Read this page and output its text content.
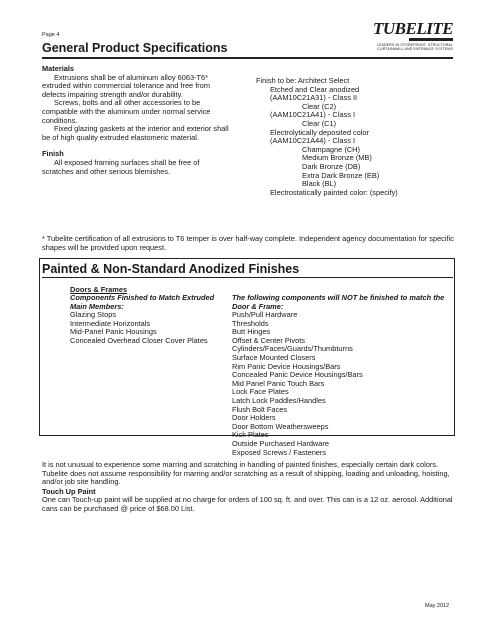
Page 4
General Product Specifications
TUBELITE
LEADERS IN STOREFRONT, STRUCTURAL
CURTAINWALL AND ENTRANCE SYSTEMS

Materials

Extrusions shall be of aluminum alloy 6063-T6* extruded within commercial tolerance and free from defects impairing strength and/or durability.

Screws, bolts and all other accessories to be compatible with the aluminum under normal service conditions.

Fixed glazing gaskets at the interior and exterior shall be of high quality extruded elastomeric material.

Finish

All exposed framing surfaces shall be free of scratches and other serious blemishes.

Finish to be: Architect Select
Etched and Clear anodized
(AAM10C21A31) - Class II
Clear (C2)
(AAM10C21A41) - Class I
Clear (C1)
Electrolytically deposited color
(AAM10C21A44) - Class I
Champagne (CH)
Medium Bronze (MB)
Dark Bronze (DB)
Extra Dark Bronze (EB)
Black (BL)
Electrostatically painted color: (specify)
* Tubelite certification of all extrusions to T6 temper is over half-way complete. Independent agency documentation for specific shapes will be provided upon request.
Painted & Non-Standard Anodized Finishes
Doors & Frames
Components Finished to Match Extruded Main Members:
Glazing Stops
Intermediate Horizontals
Mid-Panel Panic Housings
Concealed Overhead Closer Cover Plates
The following components will NOT be finished to match the Door & Frame:
Push/Pull Hardware
Thresholds
Butt Hinges
Offset & Center Pivots
Cylinders/Faces/Guards/Thumbturns
Surface Mounted Closers
Rim Panic Device Housings/Bars
Concealed Panic Device Housings/Bars
Mid Panel Panic Touch Bars
Lock Face Plates
Latch Lock Paddles/Handles
Flush Bolt Faces
Door Holders
Door Bottom Weathersweeps
Kick Plates
Outside Purchased Hardware
Exposed Screws / Fasteners
It is not unusual to experience some marring and scratching in handling of painted finishes, especially certain dark colors. Tubelite does not assume responsibility for marring and/or scratching as a result of shipping, loading and unloading, hoisting, and/or job site handling.
Touch Up Paint
One can Touch-up paint will be supplied at no charge for orders of 100 sq. ft. and over. This can is a 12 oz. aerosol. Additional cans can be purchased @ price of $68.00 List.
May 2012
